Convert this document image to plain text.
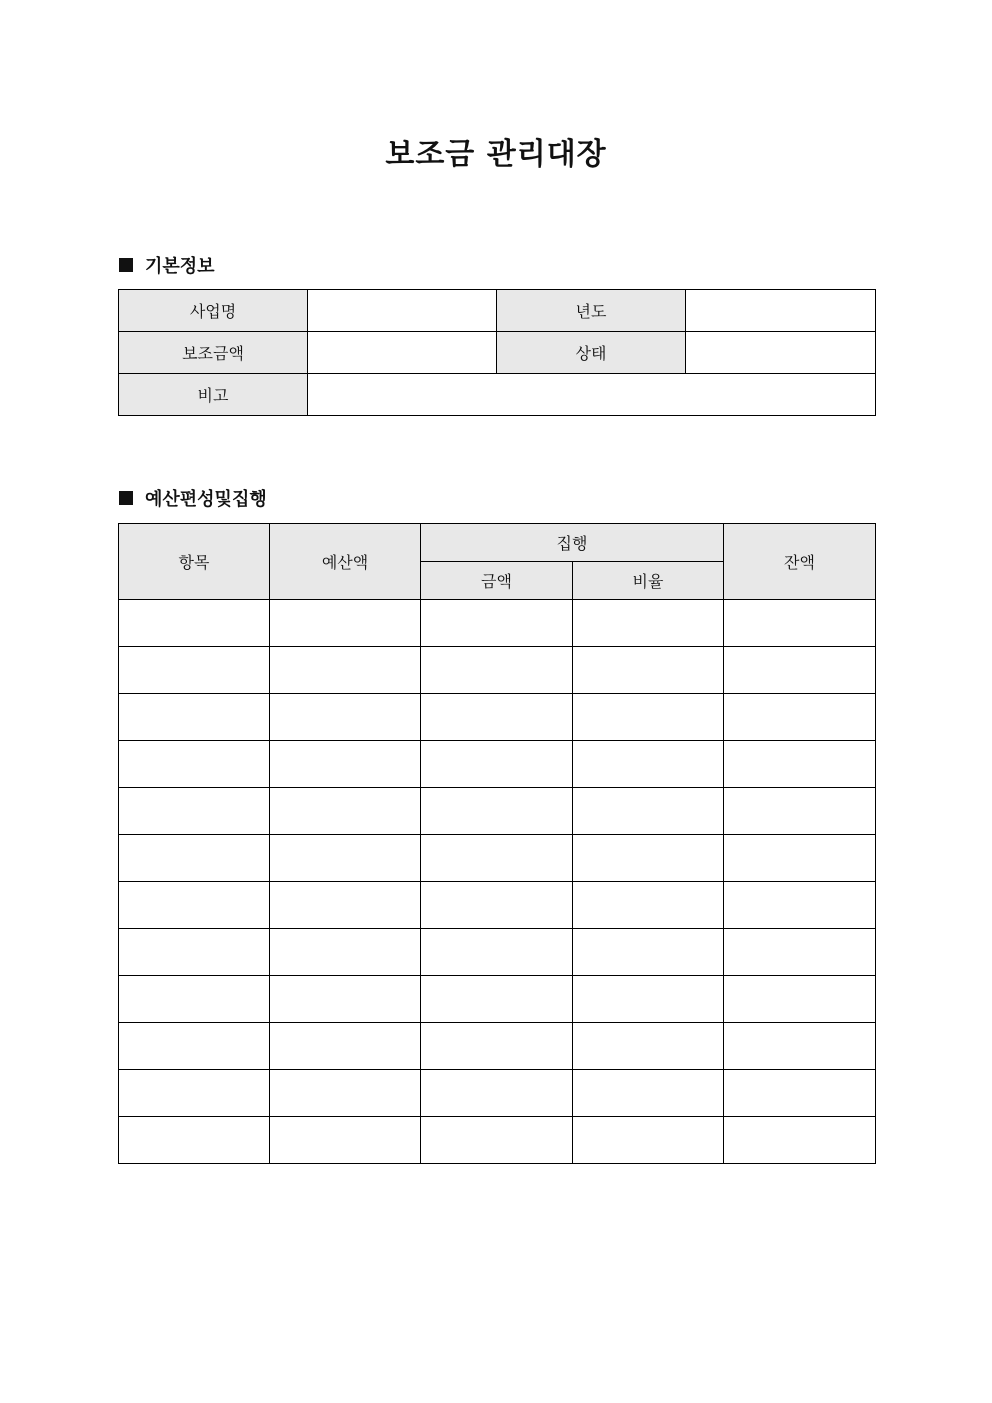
보조금 관리대장
기본정보
사업명		년도	
보조금액		상태	
비고			
예산편성및집행
항목	예산액	집행		잔액
		금액	비율	
